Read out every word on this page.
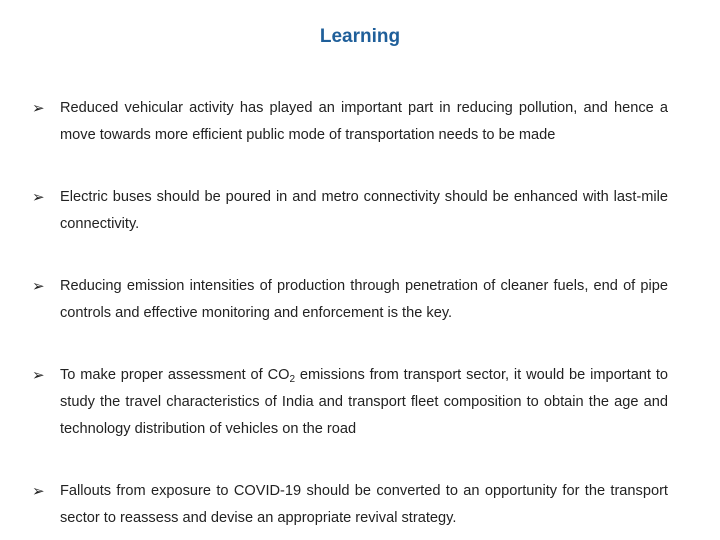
Learning
➢	Reduced vehicular activity has played an important part in reducing pollution, and hence a move towards more efficient public mode of transportation needs to be made
➢	Electric buses should be poured in and metro connectivity should be enhanced with last-mile connectivity.
➢	Reducing emission intensities of production through penetration of cleaner fuels, end of pipe controls and effective monitoring and enforcement is the key.
➢	To make proper assessment of $CO_2$ emissions from transport sector, it would be important to study the travel characteristics of India and transport fleet composition to obtain the age and technology distribution of vehicles on the road
➢	Fallouts from exposure to COVID-19 should be converted to an opportunity for the transport sector to reassess and devise an appropriate revival strategy.
